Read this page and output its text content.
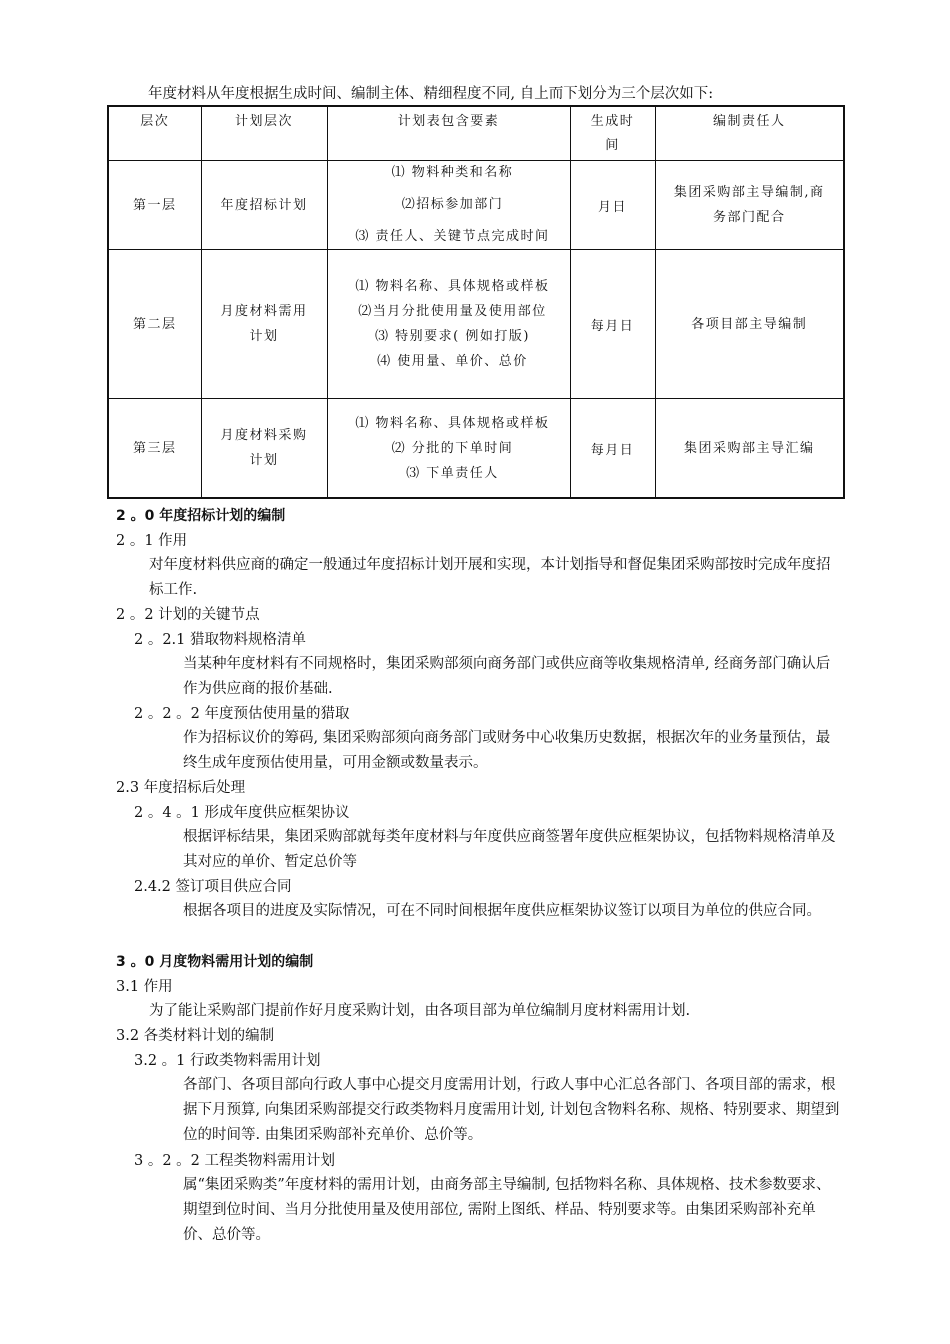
年度材料从年度根据生成时间、编制主体、精细程度不同, 自上而下划分为三个层次如下:
层次	计划层次	计划表包含要素	生成时间	编制责任人
第一层	年度招标计划	⑴ 物料种类和名称
⑵招标参加部门
⑶ 责任人、关键节点完成时间	月日	集团采购部主导编制,商务部门配合
第二层	月度材料需用计划	⑴ 物料名称、具体规格或样板
⑵当月分批使用量及使用部位
⑶ 特别要求( 例如打版)
⑷ 使用量、单价、总价	每月日	各项目部主导编制
第三层	月度材料采购计划	⑴ 物料名称、具体规格或样板
⑵ 分批的下单时间
⑶ 下单责任人	每月日	集团采购部主导汇编
2 。0 年度招标计划的编制
2 。1 作用
对年度材料供应商的确定一般通过年度招标计划开展和实现，本计划指导和督促集团采购部按时完成年度招标工作.
2 。2 计划的关键节点
2 。2.1 猎取物料规格清单
当某种年度材料有不同规格时，集团采购部须向商务部门或供应商等收集规格清单, 经商务部门确认后作为供应商的报价基础.
2 。2 。2 年度预估使用量的猎取
作为招标议价的筹码, 集团采购部须向商务部门或财务中心收集历史数据，根据次年的业务量预估，最终生成年度预估使用量，可用金额或数量表示。
2.3 年度招标后处理
2 。4 。1 形成年度供应框架协议
根据评标结果，集团采购部就每类年度材料与年度供应商签署年度供应框架协议，包括物料规格清单及其对应的单价、暂定总价等
2.4.2 签订项目供应合同
根据各项目的进度及实际情况，可在不同时间根据年度供应框架协议签订以项目为单位的供应合同。
3 。0 月度物料需用计划的编制
3.1 作用
为了能让采购部门提前作好月度采购计划，由各项目部为单位编制月度材料需用计划.
3.2 各类材料计划的编制
3.2 。1 行政类物料需用计划
各部门、各项目部向行政人事中心提交月度需用计划，行政人事中心汇总各部门、各项目部的需求，根据下月预算, 向集团采购部提交行政类物料月度需用计划, 计划包含物料名称、规格、特别要求、期望到位的时间等. 由集团采购部补充单价、总价等。
3 。2 。2 工程类物料需用计划
属“集团采购类”年度材料的需用计划，由商务部主导编制, 包括物料名称、具体规格、技术参数要求、期望到位时间、当月分批使用量及使用部位, 需附上图纸、样品、特别要求等。由集团采购部补充单价、总价等。
